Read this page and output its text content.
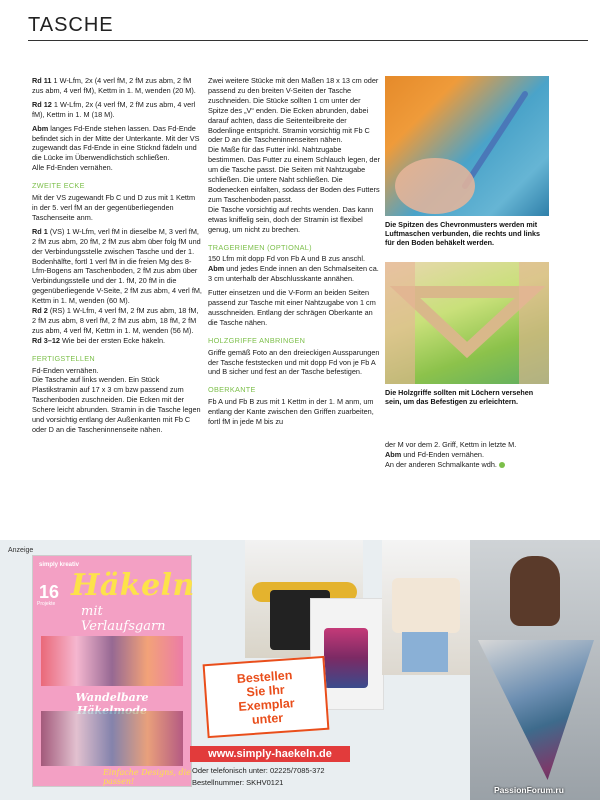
TASCHE

Rd 11 1 W-Lfm, 2x (4 verl fM, 2 fM zus abm, 2 fM zus abm, 4 verl fM), Kettm in 1. M, wenden (20 M).

Rd 12 1 W-Lfm, 2x (4 verl fM, 2 fM zus abm, 4 verl fM), Kettm in 1. M (18 M).

Abm langes Fd-Ende stehen lassen. Das Fd-Ende befindet sich in der Mitte der Unterkante. Mit der VS zugewandt das Fd-Ende in eine Sticknd fädeln und die Lücke im Überwendlichstich schließen.

Alle Fd-Enden vernähen.

ZWEITE ECKE

Mit der VS zugewandt Fb C und D zus mit 1 Kettm in der 5. verl fM an der gegenüberliegenden Taschenseite anm.

Rd 1 (VS) 1 W-Lfm, verl fM in dieselbe M, 3 verl fM, 2 fM zus abm, 20 fM, 2 fM zus abm über folg fM und der Verbindungsstelle zwischen Tasche und der 1. Bodenhälfte, fortl 1 verl fM in die freien Mg des 8-Lfm-Bogens am Taschenboden, 2 fM zus abm über Verbindungsstelle und der 1. fM, 20 fM in die gegenüberliegende V-Seite, 2 fM zus abm, 4 verl fM, Kettm in 1. M, wenden (60 M).

Rd 2 (RS) 1 W-Lfm, 4 verl fM, 2 fM zus abm, 18 fM, 2 fM zus abm, 8 verl fM, 2 fM zus abm, 18 fM, 2 fM zus abm, 4 verl fM, Kettm in 1. M, wenden (56 M).

Rd 3–12 Wie bei der ersten Ecke häkeln.

FERTIGSTELLEN

Fd-Enden vernähen.

Die Tasche auf links wenden. Ein Stück Plastikstramin auf 17 x 3 cm bzw passend zum Taschenboden zuschneiden. Die Ecken mit der Schere leicht abrunden. Stramin in die Tasche legen und vorsichtig entlang der Außenkanten mit Fb C oder D an die Tascheninnenseite nähen.

Zwei weitere Stücke mit den Maßen 18 x 13 cm oder passend zu den breiten V-Seiten der Tasche zuschneiden. Die Stücke sollten 1 cm unter der Spitze des „V“ enden. Die Ecken abrunden, dabei darauf achten, dass die Seitenteilbreite der Bodenlinge entspricht. Stramin vorsichtig mit Fb C oder D an die Tascheninnenseiten nähen.

Die Maße für das Futter inkl. Nahtzugabe bestimmen. Das Futter zu einem Schlauch legen, der um die Tasche passt. Die Seiten mit Nahtzugabe schließen. Die untere Naht schließen. Die Bodenecken einfalten, sodass der Boden des Futters zum Taschenboden passt.

Die Tasche vorsichtig auf rechts wenden. Das kann etwas kniffelig sein, doch der Stramin ist flexibel genug, um nicht zu brechen.

TRAGERIEMEN (OPTIONAL)

150 Lfm mit dopp Fd von Fb A und B zus anschl.

Abm und jedes Ende innen an den Schmalseiten ca. 3 cm unterhalb der Abschlusskante annähen.

Futter einsetzen und die V-Form an beiden Seiten passend zur Tasche mit einer Nahtzugabe von 1 cm ausschneiden. Entlang der schrägen Oberkante an die Tasche nähen.

HOLZGRIFFE ANBRINGEN

Griffe gemäß Foto an den dreieckigen Aussparungen der Tasche feststecken und mit dopp Fd von je Fb A und B sicher und fest an der Tasche befestigen.

OBERKANTE

Fb A und Fb B zus mit 1 Kettm in der 1. M anm, um entlang der Kante zwischen den Griffen zuarbeiten, fortl fM in jede M bis zu

Die Spitzen des Chevronmusters werden mit Luftmaschen verbunden, die rechts und links für den Boden behäkelt werden.
Die Holzgriffe sollten mit Löchern versehen sein, um das Befestigen zu erleichtern.

der M vor dem 2. Griff, Kettm in letzte M.

Abm und Fd-Enden vernähen.

An der anderen Schmalkante wdh.

Anzeige
simply kreativ
16
Projekte
Häkeln
mit Verlaufsgarn
Wandelbare
Einfache Designs, die passen!
Bestellen
Sie Ihr
Exemplar
unter
www.simply-haekeln.de
Oder telefonisch unter: 02225/7085-372
Bestellnummer: SKHV0121
PassionForum.ru
